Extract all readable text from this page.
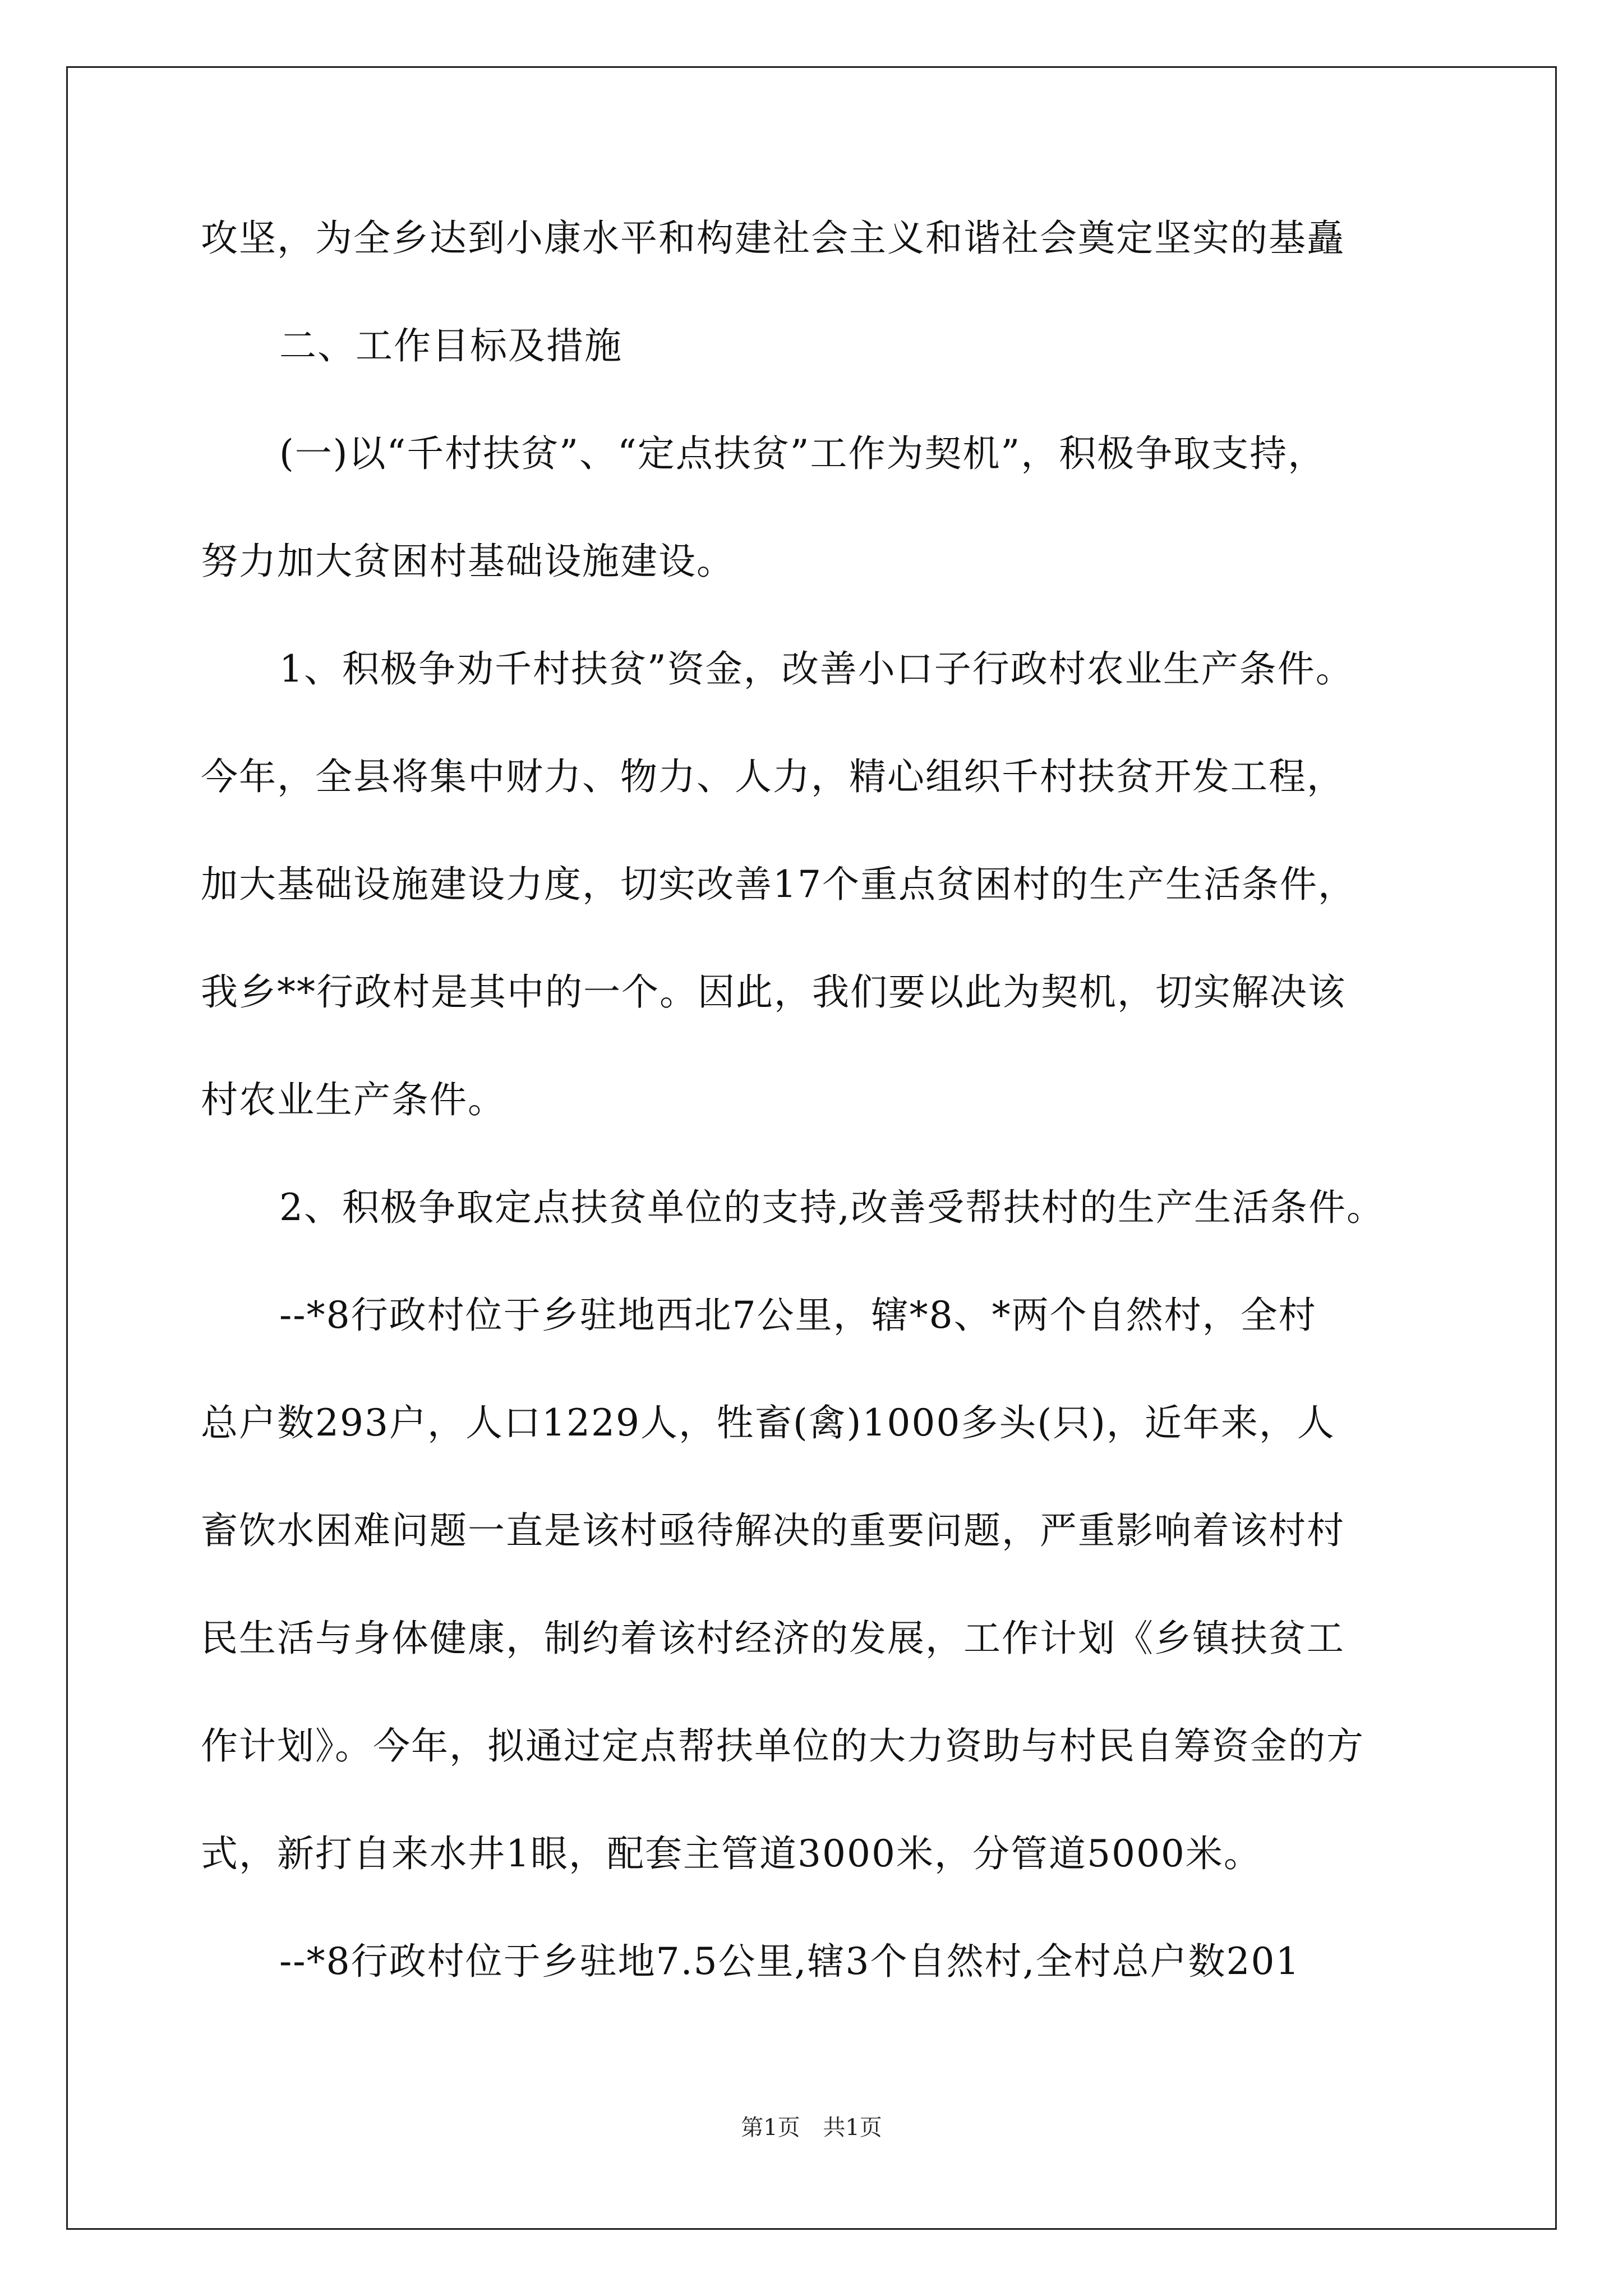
攻坚，为全乡达到小康水平和构建社会主义和谐社会奠定坚实的基矗
二、工作目标及措施
(一)以“千村扶贫”、“定点扶贫”工作为契机”，积极争取支持，
努力加大贫困村基础设施建设。
1、积极争劝千村扶贫”资金，改善小口子行政村农业生产条件。
今年，全县将集中财力、物力、人力，精心组织千村扶贫开发工程，
加大基础设施建设力度，切实改善17个重点贫困村的生产生活条件，
我乡**行政村是其中的一个。因此，我们要以此为契机，切实解决该
村农业生产条件。
2、积极争取定点扶贫单位的支持,改善受帮扶村的生产生活条件。
--*8行政村位于乡驻地西北7公里，辖*8、*两个自然村，全村
总户数293户，人口1229人，牲畜(禽)1000多头(只)，近年来，人
畜饮水困难问题一直是该村亟待解决的重要问题，严重影响着该村村
民生活与身体健康，制约着该村经济的发展，工作计划《乡镇扶贫工
作计划》。今年，拟通过定点帮扶单位的大力资助与村民自筹资金的方
式，新打自来水井1眼，配套主管道3000米，分管道5000米。
--*8行政村位于乡驻地7.5公里,辖3个自然村,全村总户数201
第1页 共1页
